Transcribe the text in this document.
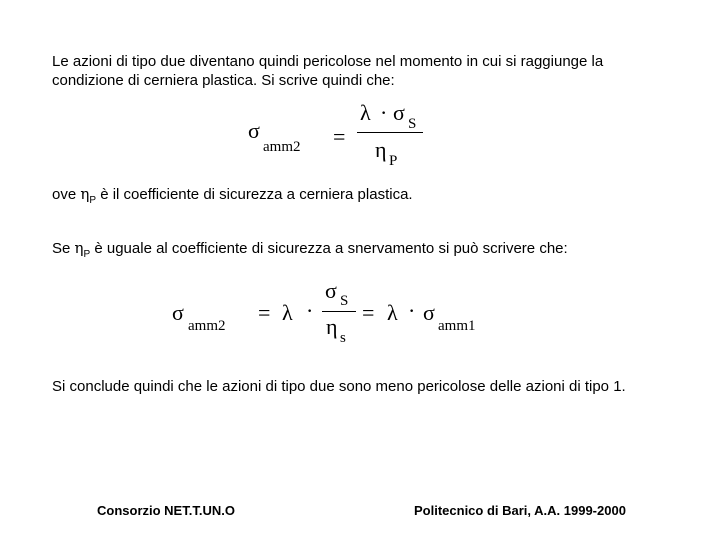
Le azioni di tipo due diventano quindi pericolose nel momento in cui si raggiunge la
condizione di cerniera plastica. Si scrive quindi che:
σ
amm2 =
λ · σ S
η P
ove $\eta_P$ è il coefficiente di sicurezza a cerniera plastica.
Se $\eta_P$ è uguale al coefficiente di sicurezza a snervamento si può scrivere che:
σ
amm2
= λ ·
σ S
η s
= λ · σ
amm1
Si conclude quindi che le azioni di tipo due sono meno pericolose delle azioni di tipo 1.
Consorzio NET.T.UN.O	Politecnico di Bari, A.A. 1999-2000
